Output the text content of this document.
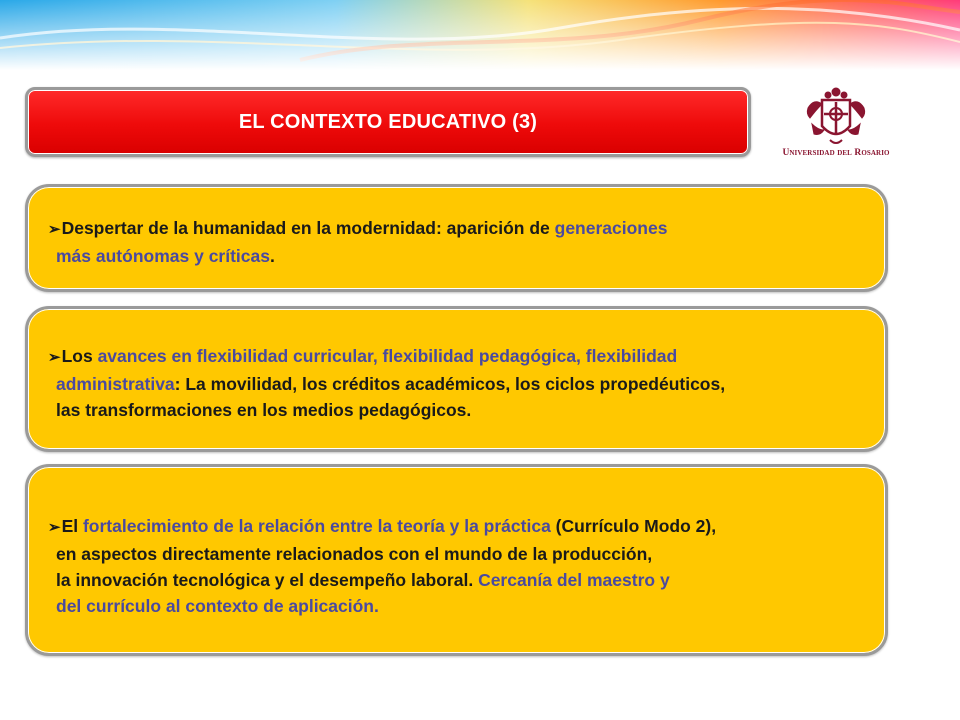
EL CONTEXTO EDUCATIVO (3)
Universidad del Rosario
➢Despertar de la humanidad en la modernidad: aparición de generaciones
más autónomas y críticas.
➢Los avances en flexibilidad curricular, flexibilidad pedagógica, flexibilidad
administrativa: La movilidad, los créditos académicos, los ciclos propedéuticos,
las transformaciones en los medios pedagógicos.
➢El fortalecimiento de la relación entre la teoría y la práctica (Currículo Modo 2),
en aspectos directamente relacionados con el mundo de la producción,
la innovación tecnológica y el desempeño laboral. Cercanía del maestro y
del currículo al contexto de aplicación.
